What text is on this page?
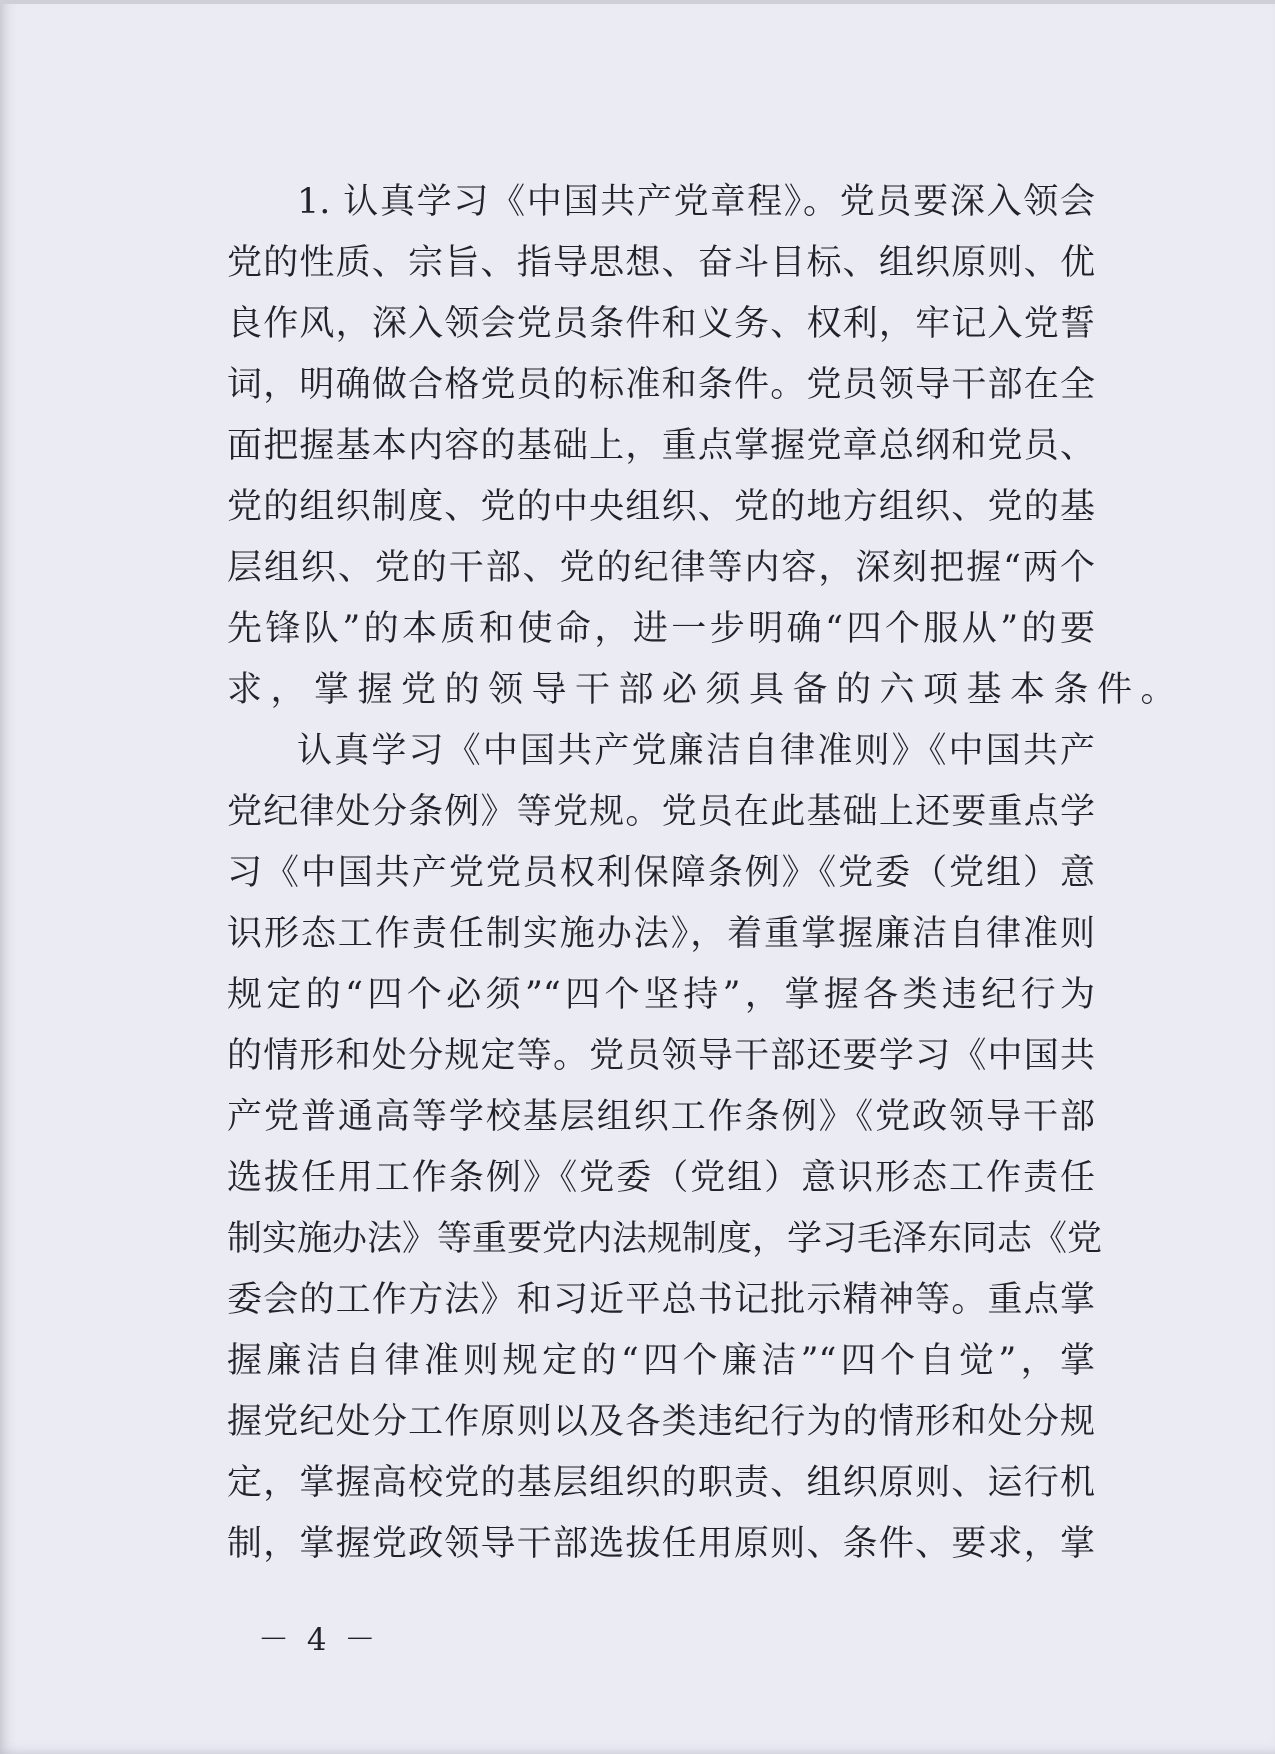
1. 认真学习《中国共产党章程》。党员要深入领会
党的性质、宗旨、指导思想、奋斗目标、组织原则、优
良作风，深入领会党员条件和义务、权利，牢记入党誓
词，明确做合格党员的标准和条件。党员领导干部在全
面把握基本内容的基础上，重点掌握党章总纲和党员、
党的组织制度、党的中央组织、党的地方组织、党的基
层组织、党的干部、党的纪律等内容，深刻把握“两个
先锋队”的本质和使命，进一步明确“四个服从”的要
求，掌握党的领导干部必须具备的六项基本条件。
认真学习《中国共产党廉洁自律准则》《中国共产
党纪律处分条例》等党规。党员在此基础上还要重点学
习《中国共产党党员权利保障条例》《党委（党组）意
识形态工作责任制实施办法》，着重掌握廉洁自律准则
规定的“四个必须”“四个坚持”，掌握各类违纪行为
的情形和处分规定等。党员领导干部还要学习《中国共
产党普通高等学校基层组织工作条例》《党政领导干部
选拔任用工作条例》《党委（党组）意识形态工作责任
制实施办法》等重要党内法规制度，学习毛泽东同志《党
委会的工作方法》和习近平总书记批示精神等。重点掌
握廉洁自律准则规定的“四个廉洁”“四个自觉”，掌
握党纪处分工作原则以及各类违纪行为的情形和处分规
定，掌握高校党的基层组织的职责、组织原则、运行机
制，掌握党政领导干部选拔任用原则、条件、要求，掌
－ 4 －
